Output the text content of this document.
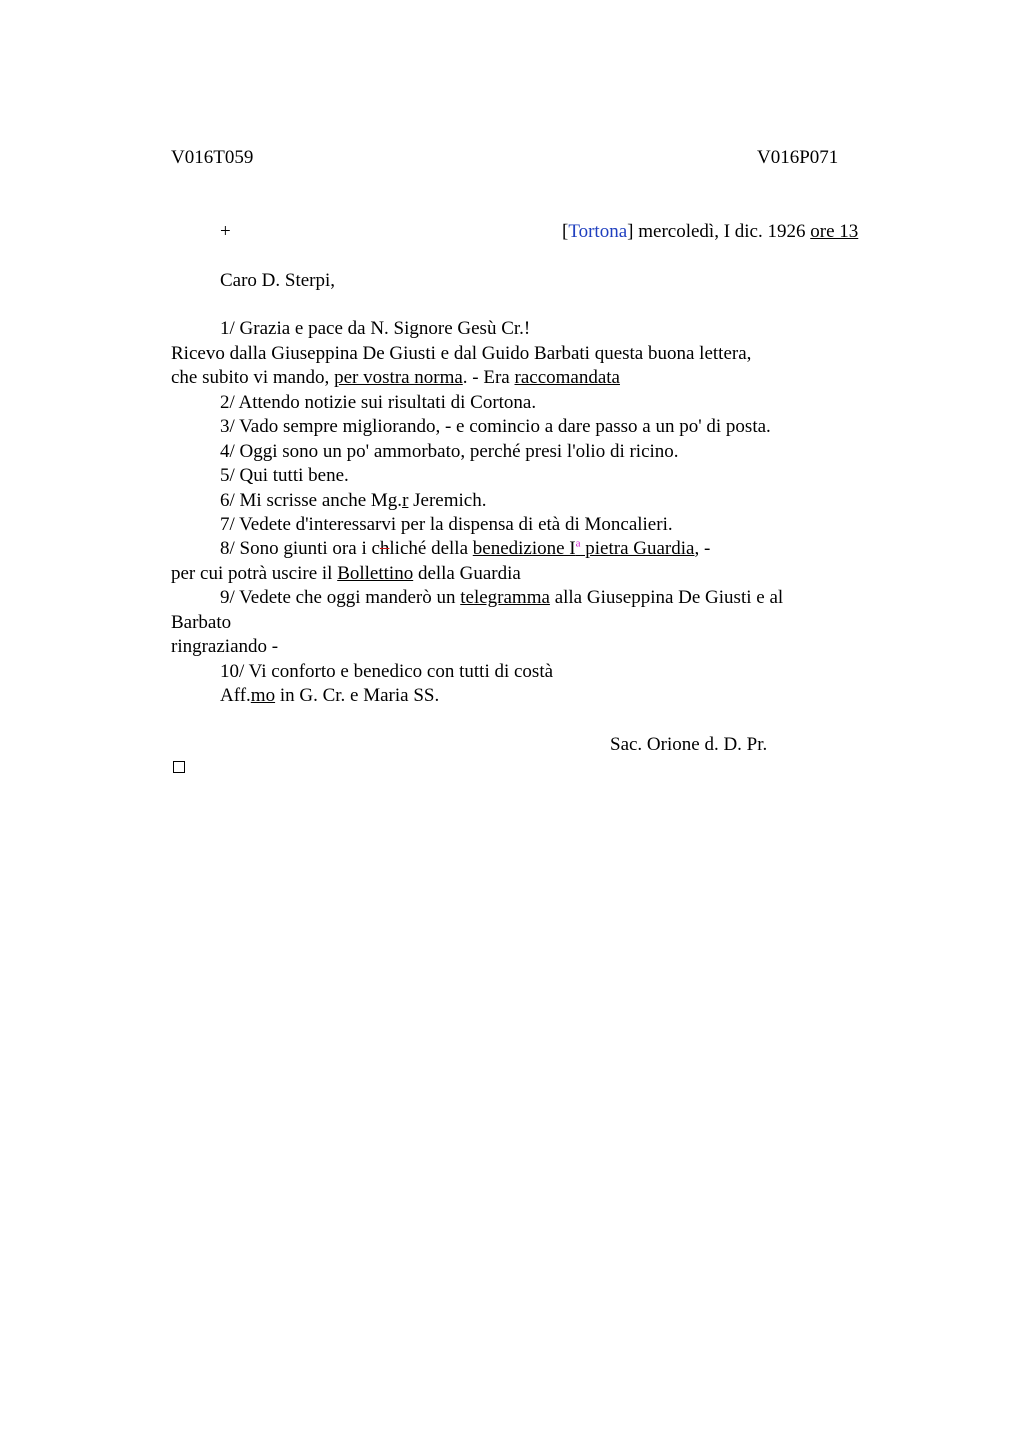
V016T059	V016P071
+	[Tortona] mercoledì, I dic. 1926 ore 13
Caro D. Sterpi,
1/ Grazia e pace da N. Signore Gesù Cr.!
Ricevo dalla Giuseppina De Giusti e dal Guido Barbati questa buona lettera,
che subito vi mando, per vostra norma. - Era raccomandata
2/ Attendo notizie sui risultati di Cortona.
3/ Vado sempre migliorando, - e comincio a dare passo a un po' di posta.
4/ Oggi sono un po' ammorbato, perché presi l'olio di ricino.
5/ Qui tutti bene.
6/ Mi scrisse anche Mg.r Jeremich.
7/ Vedete d'interessarvi per la dispensa di età di Moncalieri.
8/ Sono giunti ora i chliché della benedizione $I^a$ pietra Guardia, -
per cui potrà uscire il Bollettino della Guardia
9/ Vedete che oggi manderò un telegramma alla Giuseppina De Giusti e al
Barbato
ringraziando -
10/ Vi conforto e benedico con tutti di costà
Aff.mo in G. Cr. e Maria SS.
Sac. Orione d. D. Pr.
